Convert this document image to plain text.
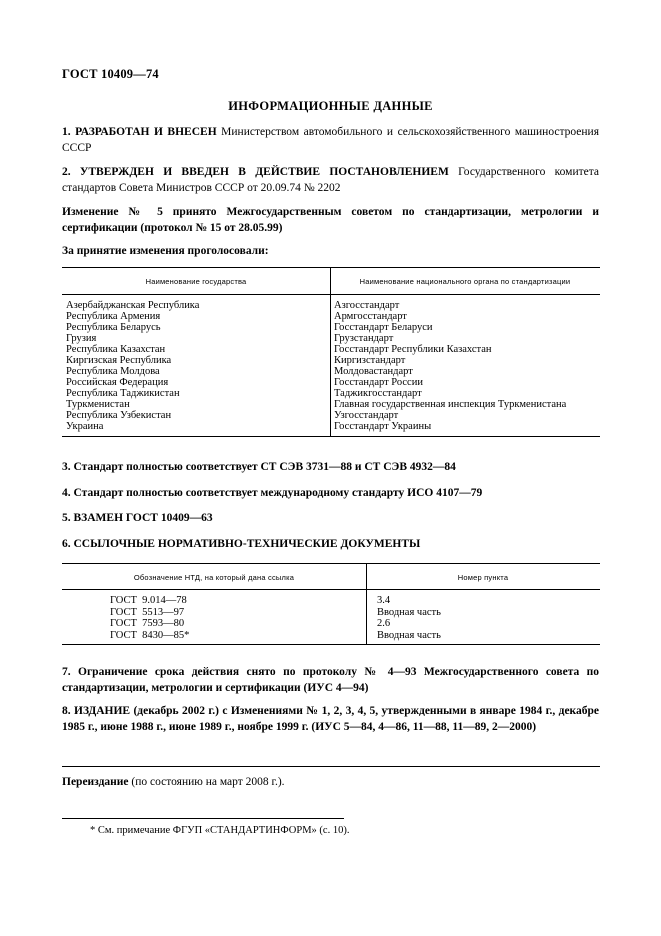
ГОСТ 10409—74
ИНФОРМАЦИОННЫЕ ДАННЫЕ
1. РАЗРАБОТАН И ВНЕСЕН Министерством автомобильного и сельскохозяйственного машиностроения СССР
2. УТВЕРЖДЕН И ВВЕДЕН В ДЕЙСТВИЕ ПОСТАНОВЛЕНИЕМ Государственного комитета стандартов Совета Министров СССР от 20.09.74 № 2202
Изменение № 5 принято Межгосударственным советом по стандартизации, метрологии и сертификации (протокол № 15 от 28.05.99)
За принятие изменения проголосовали:
Наименование государства	Наименование национального органа по стандартизации
Азербайджанская Республика	Азгосстандарт
Республика Армения	Армгосстандарт
Республика Беларусь	Госстандарт Беларуси
Грузия	Грузстандарт
Республика Казахстан	Госстандарт Республики Казахстан
Киргизская Республика	Киргизстандарт
Республика Молдова	Молдовастандарт
Российская Федерация	Госстандарт России
Республика Таджикистан	Таджикгосстандарт
Туркменистан	Главная государственная инспекция Туркменистана
Республика Узбекистан	Узгосстандарт
Украина	Госстандарт Украины
3. Стандарт полностью соответствует СТ СЭВ 3731—88 и СТ СЭВ 4932—84
4. Стандарт полностью соответствует международному стандарту ИСО 4107—79
5. ВЗАМЕН ГОСТ 10409—63
6. ССЫЛОЧНЫЕ НОРМАТИВНО-ТЕХНИЧЕСКИЕ ДОКУМЕНТЫ
Обозначение НТД, на который дана ссылка	Номер пункта
ГОСТ  9.014—78	3.4
ГОСТ  5513—97	Вводная часть
ГОСТ  7593—80	2.6
ГОСТ  8430—85*	Вводная часть
7. Ограничение срока действия снято по протоколу № 4—93 Межгосударственного совета по стандартизации, метрологии и сертификации (ИУС 4—94)
8. ИЗДАНИЕ (декабрь 2002 г.) с Изменениями № 1, 2, 3, 4, 5, утвержденными в январе 1984 г., декабре 1985 г., июне 1988 г., июне 1989 г., ноябре 1999 г. (ИУС 5—84, 4—86, 11—88, 11—89, 2—2000)
Переиздание (по состоянию на март 2008 г.).
* См. примечание ФГУП «СТАНДАРТИНФОРМ» (с. 10).
